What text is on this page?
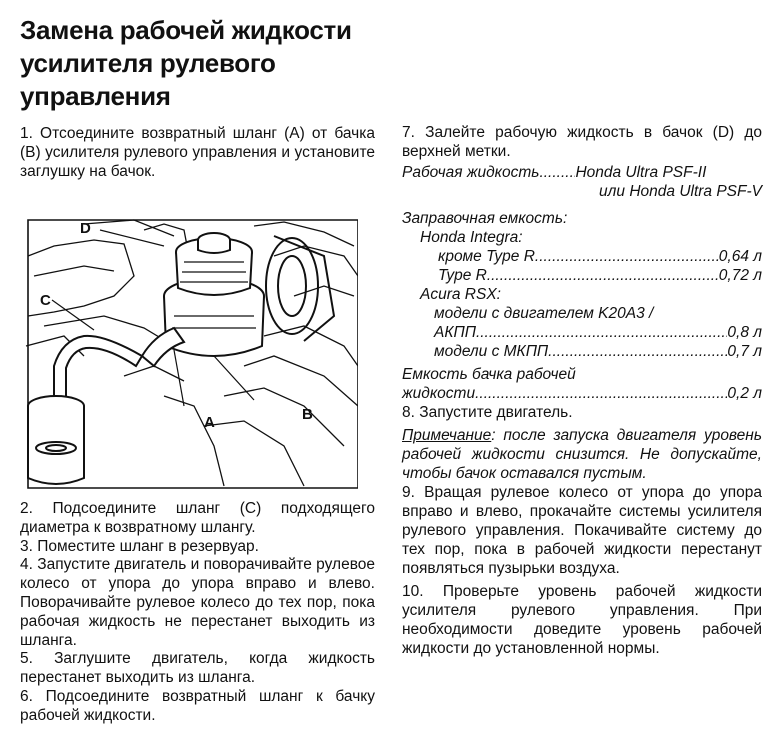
Замена рабочей жидкости усилителя рулевого управления

1. Отсоедините возвратный шланг (A) от бачка (B) усилителя рулевого управления и установите заглушку на бачок.

D
C
A	B

2. Подсоедините шланг (C) подходящего диаметра к возвратному шлангу.

3. Поместите шланг в резервуар.

4. Запустите двигатель и поворачивайте рулевое колесо от упора до упора вправо и влево. Поворачивайте рулевое колесо до тех пор, пока рабочая жидкость не перестанет выходить из шланга.

5. Заглушите двигатель, когда жидкость перестанет выходить из шланга.

6. Подсоедините возвратный шланг к бачку рабочей жидкости.

7. Залейте рабочую жидкость в бачок (D) до верхней метки.

Рабочая жидкость ..... Honda Ultra PSF-II
или Honda Ultra PSF-V
Заправочная емкость:
Honda Integra:
кроме Type R .....	0,64 л
Type R .....	0,72 л
Acura RSX:
модели с двигателем K20A3 /
АКПП .....	0,8 л
модели с МКПП .....	0,7 л
Емкость бачка рабочей
жидкости .....	0,2 л

8. Запустите двигатель.

Примечание: после запуска двигателя уровень рабочей жидкости снизится. Не допускайте, чтобы бачок оставался пустым.

9. Вращая рулевое колесо от упора до упора вправо и влево, прокачайте системы усилителя рулевого управления. Покачивайте систему до тех пор, пока в рабочей жидкости перестанут появляться пузырьки воздуха.

10. Проверьте уровень рабочей жидкости усилителя рулевого управления. При необходимости доведите уровень рабочей жидкости до установленной нормы.
